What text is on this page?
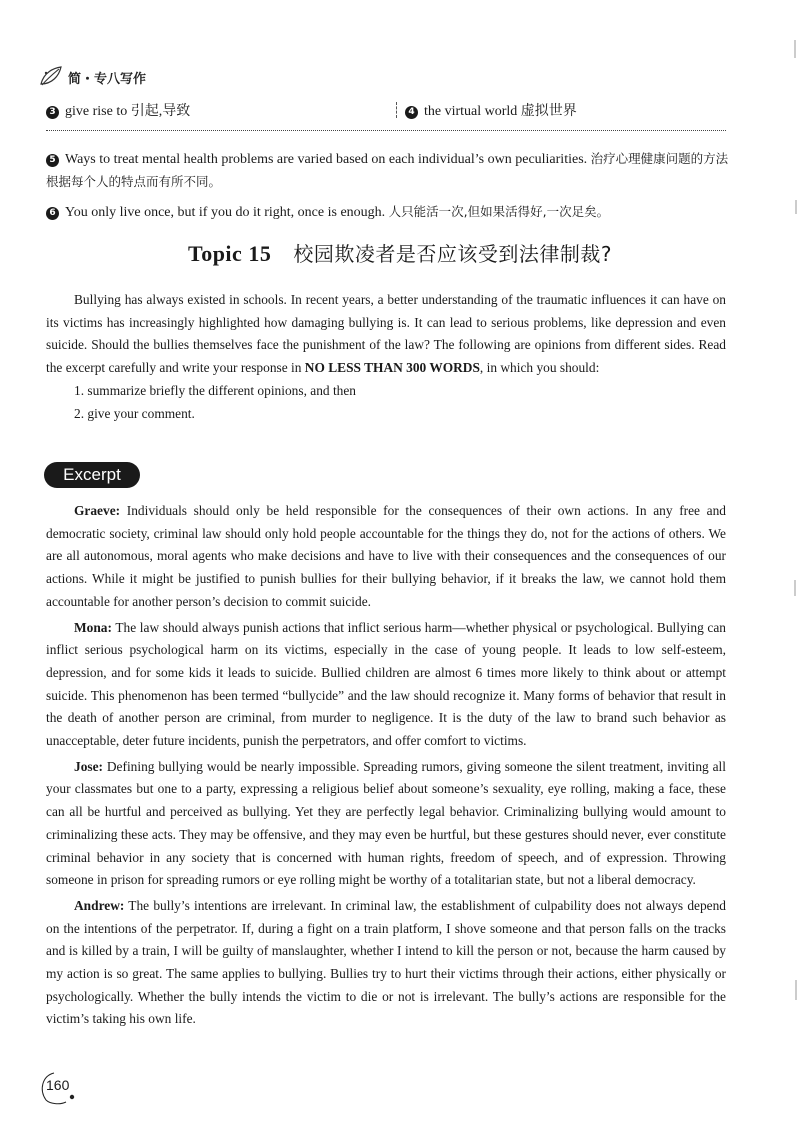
简・专八写作
3 give rise to 引起,导致	4 the virtual world 虚拟世界
5 Ways to treat mental health problems are varied based on each individual’s own peculiarities. 治疗心理健康问题的方法根据每个人的特点而有所不同。
6 You only live once, but if you do it right, once is enough. 人只能活一次,但如果活得好,一次足矣。
Topic 15 校园欺凌者是否应该受到法律制裁?

Bullying has always existed in schools. In recent years, a better understanding of the traumatic influences it can have on its victims has increasingly highlighted how damaging bullying is. It can lead to serious problems, like depression and even suicide. Should the bullies themselves face the punishment of the law? The following are opinions from different sides. Read the excerpt carefully and write your response in NO LESS THAN 300 WORDS, in which you should:

1. summarize briefly the different opinions, and then
2. give your comment.
Excerpt

Graeve: Individuals should only be held responsible for the consequences of their own actions. In any free and democratic society, criminal law should only hold people accountable for the things they do, not for the actions of others. We are all autonomous, moral agents who make decisions and have to live with their consequences and the consequences of our actions. While it might be justified to punish bullies for their bullying behavior, if it breaks the law, we cannot hold them accountable for another person’s decision to commit suicide.

Mona: The law should always punish actions that inflict serious harm—whether physical or psychological. Bullying can inflict serious psychological harm on its victims, especially in the case of young people. It leads to low self-esteem, depression, and for some kids it leads to suicide. Bullied children are almost 6 times more likely to think about or attempt suicide. This phenomenon has been termed “bullycide” and the law should recognize it. Many forms of behavior that result in the death of another person are criminal, from murder to negligence. It is the duty of the law to brand such behavior as unacceptable, deter future incidents, punish the perpetrators, and offer comfort to victims.

Jose: Defining bullying would be nearly impossible. Spreading rumors, giving someone the silent treatment, inviting all your classmates but one to a party, expressing a religious belief about someone’s sexuality, eye rolling, making a face, these can all be hurtful and perceived as bullying. Yet they are perfectly legal behavior. Criminalizing bullying would amount to criminalizing these acts. They may be offensive, and they may even be hurtful, but these gestures should never, ever constitute criminal behavior in any society that is concerned with human rights, freedom of speech, and of expression. Throwing someone in prison for spreading rumors or eye rolling might be worthy of a totalitarian state, but not a liberal democracy.

Andrew: The bully’s intentions are irrelevant. In criminal law, the establishment of culpability does not always depend on the intentions of the perpetrator. If, during a fight on a train platform, I shove someone and that person falls on the tracks and is killed by a train, I will be guilty of manslaughter, whether I intend to kill the person or not, because the harm caused by my action is so great. The same applies to bullying. Bullies try to hurt their victims through their actions, either physically or psychologically. Whether the bully intends the victim to die or not is irrelevant. The bully’s actions are responsible for the victim’s taking his own life.

160
